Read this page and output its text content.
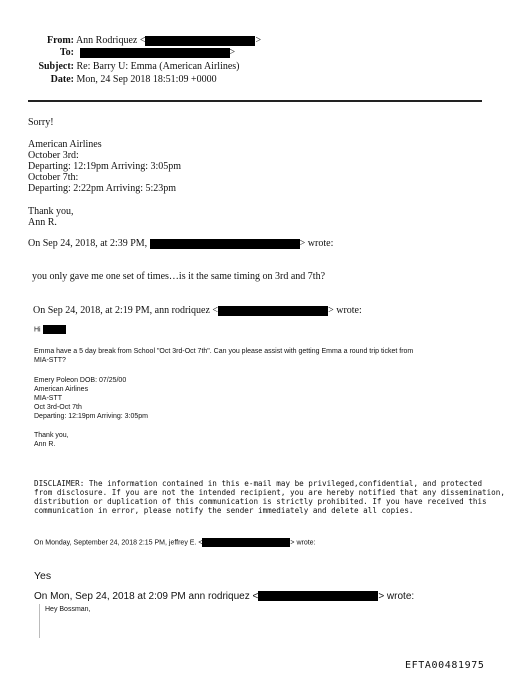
From: Ann Rodriquez <	>
To:	>
Subject: Re: Barry U: Emma (American Airlines)
Date: Mon, 24 Sep 2018 18:51:09 +0000
Sorry!
American Airlines
October 3rd:
Departing: 12:19pm Arriving: 3:05pm
October 7th:
Departing: 2:22pm Arriving: 5:23pm
Thank you,
Ann R.
On Sep 24, 2018, at 2:39 PM,	> wrote:
you only gave me one set of times…is it the same timing on 3rd and 7th?
On Sep 24, 2018, at 2:19 PM, ann rodriquez <	> wrote:
Hi
Emma have a 5 day break from School "Oct 3rd-Oct 7th". Can you please assist with getting Emma a round trip ticket from
MIA-STT?
Emery Poleon DOB: 07/25/00
American Airlines
MIA-STT
Oct 3rd-Oct 7th
Departing: 12:19pm Arriving: 3:05pm
Thank you,
Ann R.
DISCLAIMER: The information contained in this e-mail may be privileged,confidential, and protected
from disclosure. If you are not the intended recipient, you are hereby notified that any dissemination,
distribution or duplication of this communication is strictly prohibited. If you have received this
communication in error, please notify the sender immediately and delete all copies.
On Monday, September 24, 2018 2:15 PM, jeffrey E. <	> wrote:
Yes
On Mon, Sep 24, 2018 at 2:09 PM ann rodriquez <	> wrote:
Hey Bossman,
EFTA00481975
